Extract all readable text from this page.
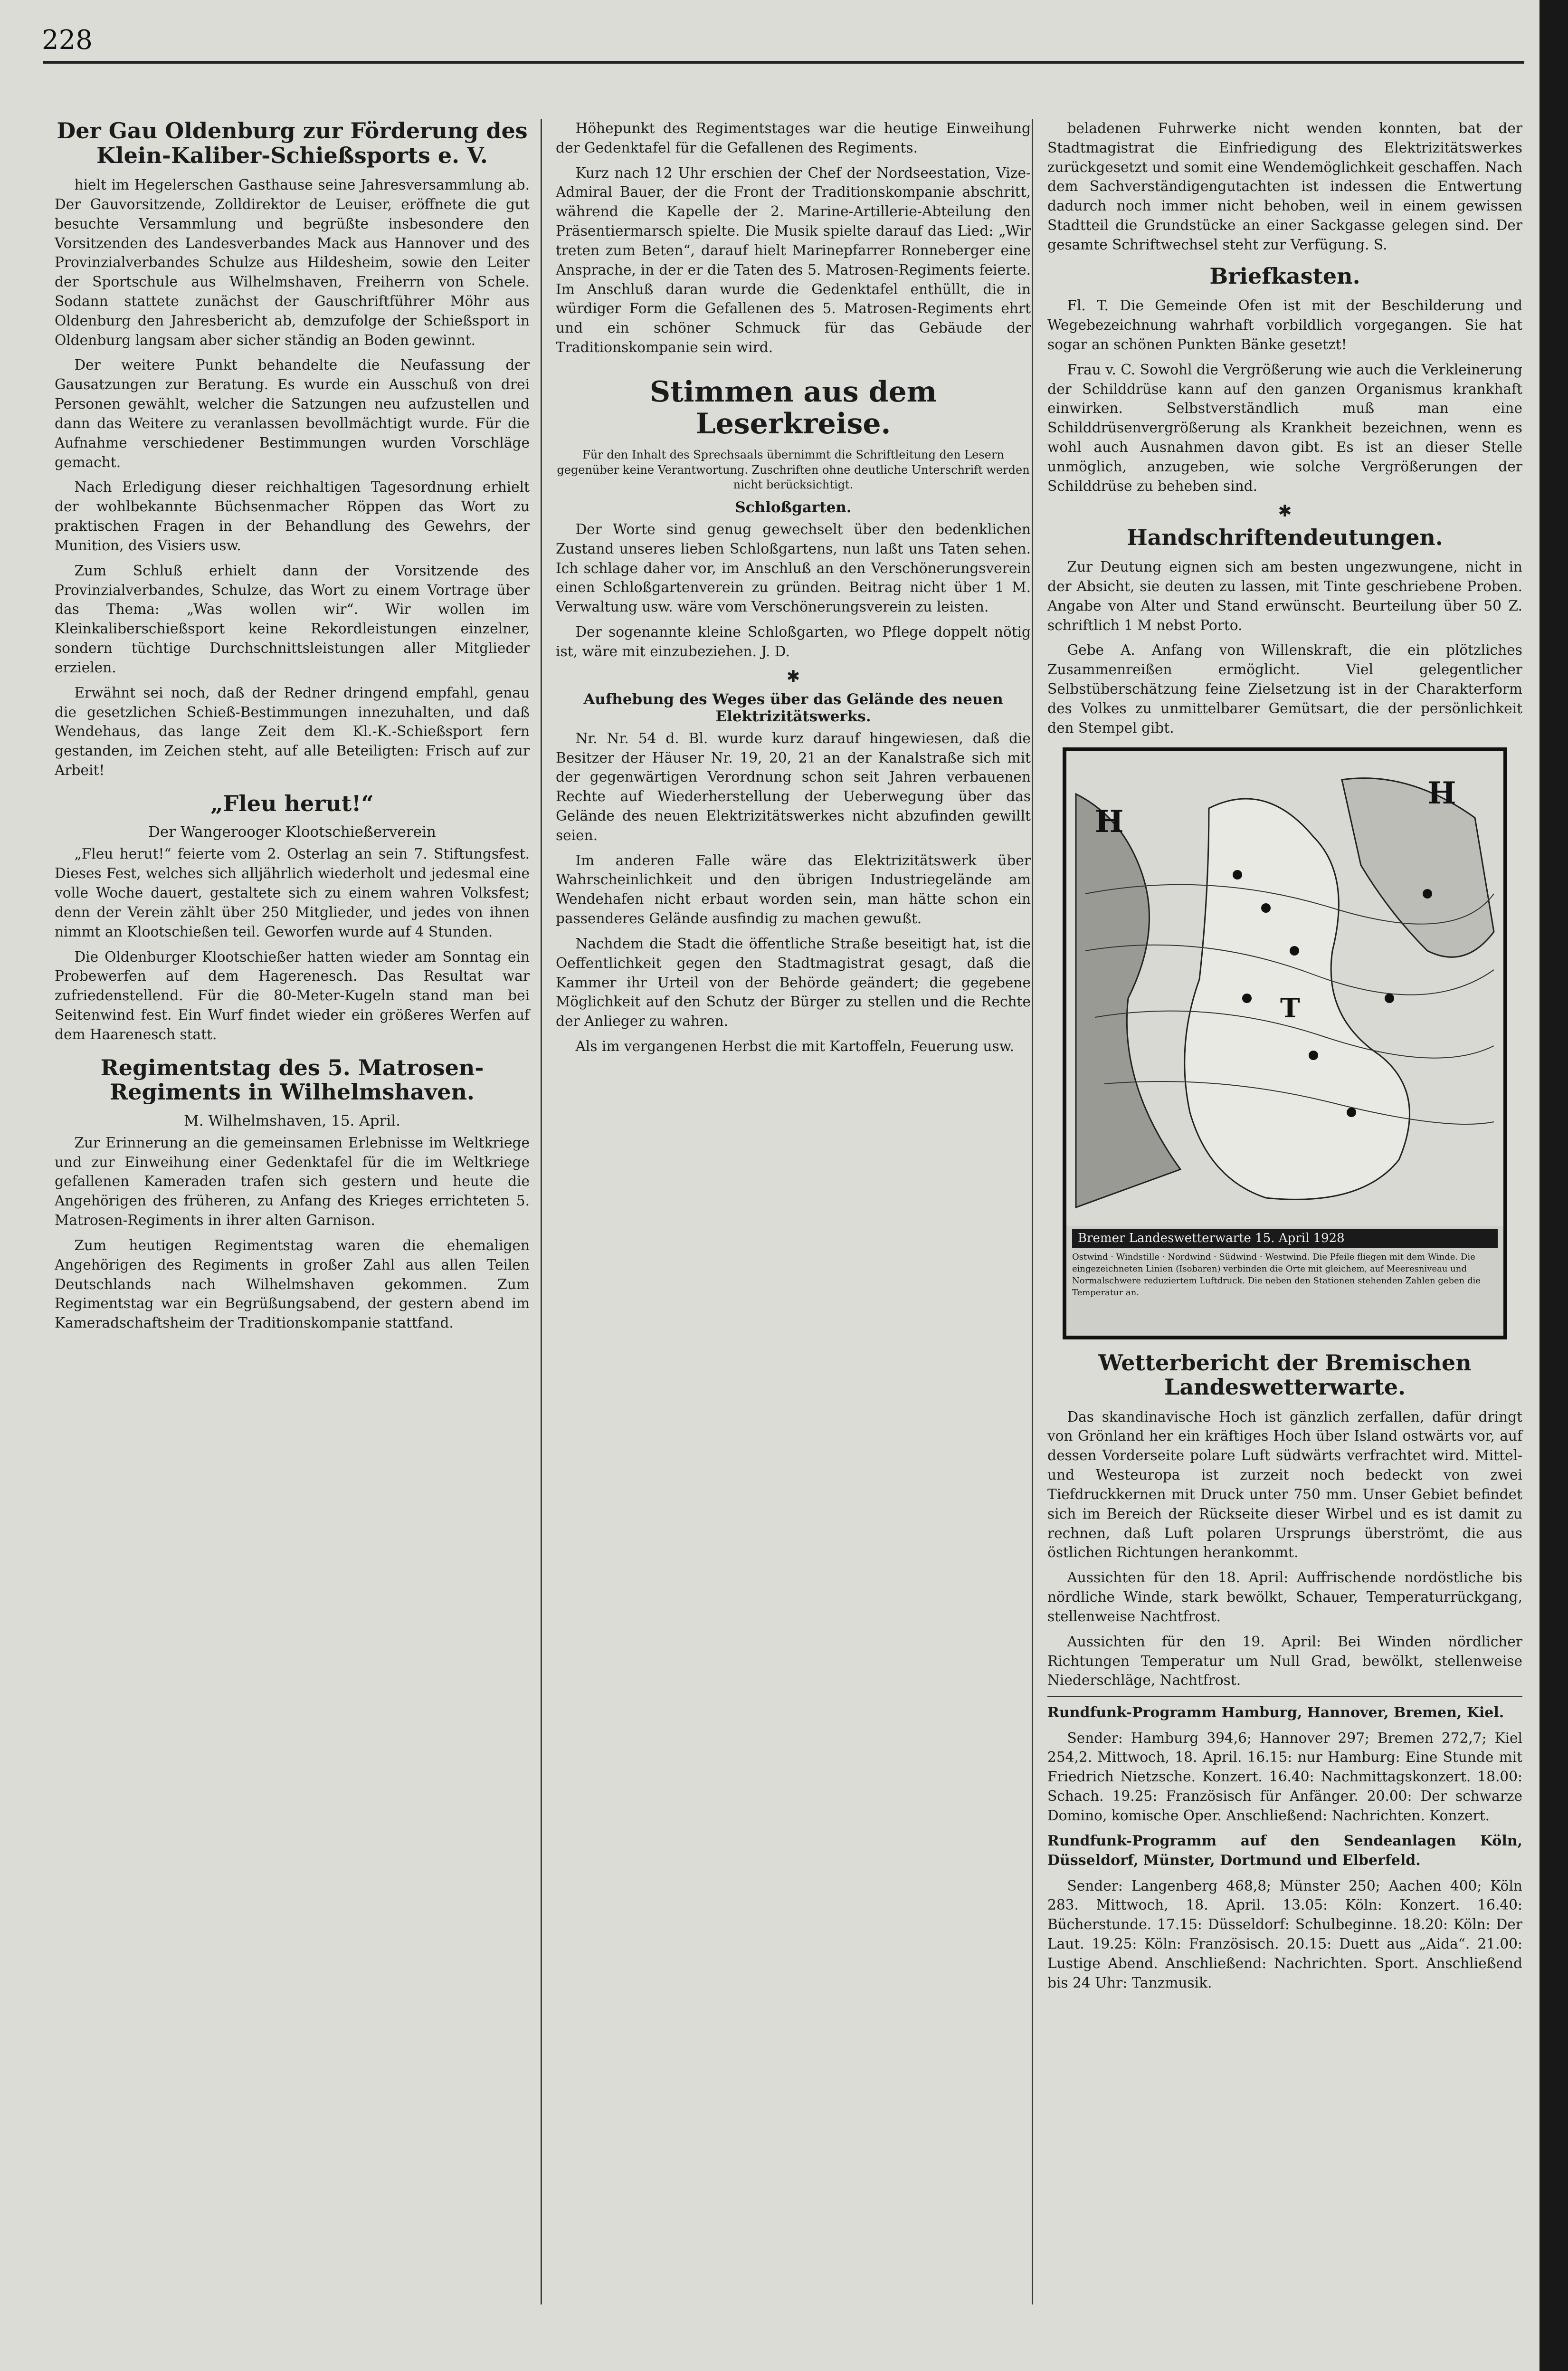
228
Der Gau Oldenburg zur Förderung des Klein-Kaliber-Schießsports e. V.

hielt im Hegelerschen Gasthause seine Jahresversammlung ab. Der Gauvorsitzende, Zolldirektor de Leuiser, eröffnete die gut besuchte Versammlung und begrüßte insbesondere den Vorsitzenden des Landesverbandes Mack aus Hannover und des Provinzialverbandes Schulze aus Hildesheim, sowie den Leiter der Sportschule aus Wilhelmshaven, Freiherrn von Schele. Sodann stattete zunächst der Gauschriftführer Möhr aus Oldenburg den Jahresbericht ab, demzufolge der Schießsport in Oldenburg langsam aber sicher ständig an Boden gewinnt.

Der weitere Punkt behandelte die Neufassung der Gausatzungen zur Beratung. Es wurde ein Ausschuß von drei Personen gewählt, welcher die Satzungen neu aufzustellen und dann das Weitere zu veranlassen bevollmächtigt wurde. Für die Aufnahme verschiedener Bestimmungen wurden Vorschläge gemacht.

Nach Erledigung dieser reichhaltigen Tagesordnung erhielt der wohlbekannte Büchsenmacher Röppen das Wort zu praktischen Fragen in der Behandlung des Gewehrs, der Munition, des Visiers usw.

Zum Schluß erhielt dann der Vorsitzende des Provinzialverbandes, Schulze, das Wort zu einem Vortrage über das Thema: „Was wollen wir“. Wir wollen im Kleinkaliberschießsport keine Rekordleistungen einzelner, sondern tüchtige Durchschnittsleistungen aller Mitglieder erzielen.

Erwähnt sei noch, daß der Redner dringend empfahl, genau die gesetzlichen Schieß-Bestimmungen innezuhalten, und daß Wendehaus, das lange Zeit dem Kl.-K.-Schießsport fern gestanden, im Zeichen steht, auf alle Beteiligten: Frisch auf zur Arbeit!

„Fleu herut!“
Der Wangerooger Klootschießerverein

„Fleu herut!“ feierte vom 2. Osterlag an sein 7. Stiftungsfest. Dieses Fest, welches sich alljährlich wiederholt und jedesmal eine volle Woche dauert, gestaltete sich zu einem wahren Volksfest; denn der Verein zählt über 250 Mitglieder, und jedes von ihnen nimmt an Klootschießen teil. Geworfen wurde auf 4 Stunden.

Die Oldenburger Klootschießer hatten wieder am Sonntag ein Probewerfen auf dem Hagerenesch. Das Resultat war zufriedenstellend. Für die 80-Meter-Kugeln stand man bei Seitenwind fest. Ein Wurf findet wieder ein größeres Werfen auf dem Haarenesch statt.

Regimentstag des 5. Matrosen-Regiments in Wilhelmshaven.
M. Wilhelmshaven, 15. April.

Zur Erinnerung an die gemeinsamen Erlebnisse im Weltkriege und zur Einweihung einer Gedenktafel für die im Weltkriege gefallenen Kameraden trafen sich gestern und heute die Angehörigen des früheren, zu Anfang des Krieges errichteten 5. Matrosen-Regiments in ihrer alten Garnison.

Zum heutigen Regimentstag waren die ehemaligen Angehörigen des Regiments in großer Zahl aus allen Teilen Deutschlands nach Wilhelmshaven gekommen. Zum Regimentstag war ein Begrüßungsabend, der gestern abend im Kameradschaftsheim der Traditionskompanie stattfand.

Höhepunkt des Regimentstages war die heutige Einweihung der Gedenktafel für die Gefallenen des Regiments.

Kurz nach 12 Uhr erschien der Chef der Nordseestation, Vize-Admiral Bauer, der die Front der Traditionskompanie abschritt, während die Kapelle der 2. Marine-Artillerie-Abteilung den Präsentiermarsch spielte. Die Musik spielte darauf das Lied: „Wir treten zum Beten“, darauf hielt Marinepfarrer Ronneberger eine Ansprache, in der er die Taten des 5. Matrosen-Regiments feierte. Im Anschluß daran wurde die Gedenktafel enthüllt, die in würdiger Form die Gefallenen des 5. Matrosen-Regiments ehrt und ein schöner Schmuck für das Gebäude der Traditionskompanie sein wird.

Stimmen aus dem Leserkreise.
Für den Inhalt des Sprechsaals übernimmt die Schriftleitung den Lesern gegenüber keine Verantwortung. Zuschriften ohne deutliche Unterschrift werden nicht berücksichtigt.
Schloßgarten.

Der Worte sind genug gewechselt über den bedenklichen Zustand unseres lieben Schloßgartens, nun laßt uns Taten sehen. Ich schlage daher vor, im Anschluß an den Verschönerungsverein einen Schloßgartenverein zu gründen. Beitrag nicht über 1 M. Verwaltung usw. wäre vom Verschönerungsverein zu leisten.

Der sogenannte kleine Schloßgarten, wo Pflege doppelt nötig ist, wäre mit einzubeziehen. J. D.

✱
Aufhebung des Weges über das Gelände des neuen Elektrizitätswerks.

Nr. Nr. 54 d. Bl. wurde kurz darauf hingewiesen, daß die Besitzer der Häuser Nr. 19, 20, 21 an der Kanalstraße sich mit der gegenwärtigen Verordnung schon seit Jahren verbauenen Rechte auf Wiederherstellung der Ueberwegung über das Gelände des neuen Elektrizitätswerkes nicht abzufinden gewillt seien.

Im anderen Falle wäre das Elektrizitätswerk über Wahrscheinlichkeit und den übrigen Industriegelände am Wendehafen nicht erbaut worden sein, man hätte schon ein passenderes Gelände ausfindig zu machen gewußt.

Nachdem die Stadt die öffentliche Straße beseitigt hat, ist die Oeffentlichkeit gegen den Stadtmagistrat gesagt, daß die Kammer ihr Urteil von der Behörde geändert; die gegebene Möglichkeit auf den Schutz der Bürger zu stellen und die Rechte der Anlieger zu wahren.

Als im vergangenen Herbst die mit Kartoffeln, Feuerung usw.

beladenen Fuhrwerke nicht wenden konnten, bat der Stadtmagistrat die Einfriedigung des Elektrizitätswerkes zurückgesetzt und somit eine Wendemöglichkeit geschaffen. Nach dem Sachverständigengutachten ist indessen die Entwertung dadurch noch immer nicht behoben, weil in einem gewissen Stadtteil die Grundstücke an einer Sackgasse gelegen sind. Der gesamte Schriftwechsel steht zur Verfügung. S.

Briefkasten.

Fl. T. Die Gemeinde Ofen ist mit der Beschilderung und Wegebezeichnung wahrhaft vorbildlich vorgegangen. Sie hat sogar an schönen Punkten Bänke gesetzt!

Frau v. C. Sowohl die Vergrößerung wie auch die Verkleinerung der Schilddrüse kann auf den ganzen Organismus krankhaft einwirken. Selbstverständlich muß man eine Schilddrüsenvergrößerung als Krankheit bezeichnen, wenn es wohl auch Ausnahmen davon gibt. Es ist an dieser Stelle unmöglich, anzugeben, wie solche Vergrößerungen der Schilddrüse zu beheben sind.

✱
Handschriftendeutungen.

Zur Deutung eignen sich am besten ungezwungene, nicht in der Absicht, sie deuten zu lassen, mit Tinte geschriebene Proben. Angabe von Alter und Stand erwünscht. Beurteilung über 50 Z. schriftlich 1 M nebst Porto.

Gebe A. Anfang von Willenskraft, die ein plötzliches Zusammenreißen ermöglicht. Viel gelegentlicher Selbstüberschätzung feine Zielsetzung ist in der Charakterform des Volkes zu unmittelbarer Gemütsart, die der persönlichkeit den Stempel gibt.

H
H
T
Bremer Landeswetterwarte 15. April 1928
Ostwind · Windstille · Nordwind · Südwind · Westwind. Die Pfeile fliegen mit dem Winde. Die eingezeichneten Linien (Isobaren) verbinden die Orte mit gleichem, auf Meeresniveau und Normalschwere reduziertem Luftdruck. Die neben den Stationen stehenden Zahlen geben die Temperatur an.
Wetterbericht der Bremischen Landeswetterwarte.

Das skandinavische Hoch ist gänzlich zerfallen, dafür dringt von Grönland her ein kräftiges Hoch über Island ostwärts vor, auf dessen Vorderseite polare Luft südwärts verfrachtet wird. Mittel- und Westeuropa ist zurzeit noch bedeckt von zwei Tiefdruckkernen mit Druck unter 750 mm. Unser Gebiet befindet sich im Bereich der Rückseite dieser Wirbel und es ist damit zu rechnen, daß Luft polaren Ursprungs überströmt, die aus östlichen Richtungen herankommt.

Aussichten für den 18. April: Auffrischende nordöstliche bis nördliche Winde, stark bewölkt, Schauer, Temperaturrückgang, stellenweise Nachtfrost.

Aussichten für den 19. April: Bei Winden nördlicher Richtungen Temperatur um Null Grad, bewölkt, stellenweise Niederschläge, Nachtfrost.

Rundfunk-Programm Hamburg, Hannover, Bremen, Kiel.

Sender: Hamburg 394,6; Hannover 297; Bremen 272,7; Kiel 254,2. Mittwoch, 18. April. 16.15: nur Hamburg: Eine Stunde mit Friedrich Nietzsche. Konzert. 16.40: Nachmittagskonzert. 18.00: Schach. 19.25: Französisch für Anfänger. 20.00: Der schwarze Domino, komische Oper. Anschließend: Nachrichten. Konzert.

Rundfunk-Programm auf den Sendeanlagen Köln, Düsseldorf, Münster, Dortmund und Elberfeld.

Sender: Langenberg 468,8; Münster 250; Aachen 400; Köln 283. Mittwoch, 18. April. 13.05: Köln: Konzert. 16.40: Bücherstunde. 17.15: Düsseldorf: Schulbeginne. 18.20: Köln: Der Laut. 19.25: Köln: Französisch. 20.15: Duett aus „Aida“. 21.00: Lustige Abend. Anschließend: Nachrichten. Sport. Anschließend bis 24 Uhr: Tanzmusik.
